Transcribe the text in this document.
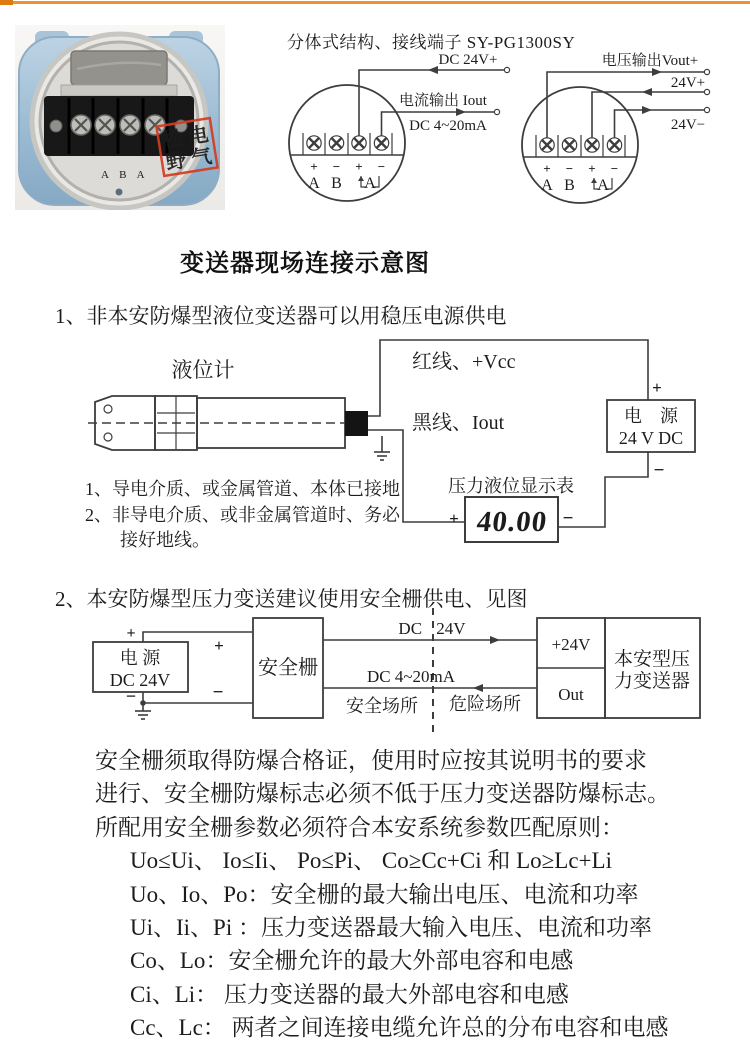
A B A
松 电
野 气
分体式结构、接线端子 SY-PG1300SY
+ − + −
A B A
DC 24V+
电流输出 Iout
DC 4~20mA
+ − + −
A B A
电压输出Vout+
24V+
24V−
变送器现场连接示意图
1、非本安防爆型液位变送器可以用稳压电源供电
液位计	红线、+Vcc
黑线、Iout	电　源
24 V DC
+
−
压力液位显示表
40.00
+	−
1、导电介质、或金属管道、本体已接地
2、非导电介质、或非金属管道时、务必
接好地线。
2、本安防爆型压力变送建议使用安全栅供电、见图
电 源
DC 24V
+
−
+
−
安全栅
DC 24V
DC 4~20mA
安全场所 危险场所
+24V
Out
本安型压
力变送器

安全栅须取得防爆合格证，使用时应按其说明书的要求

进行、安全栅防爆标志必须不低于压力变送器防爆标志。

所配用安全栅参数必须符合本安系统参数匹配原则：

Uo≤Ui、 Io≤Ii、 Po≤Pi、 Co≥Cc+Ci 和 Lo≥Lc+Li

Uo、Io、Po：安全栅的最大输出电压、电流和功率

Ui、Ii、Pi ：压力变送器最大输入电压、电流和功率

Co、Lo：安全栅允许的最大外部电容和电感

Ci、Li： 压力变送器的最大外部电容和电感

Cc、Lc： 两者之间连接电缆允许总的分布电容和电感
